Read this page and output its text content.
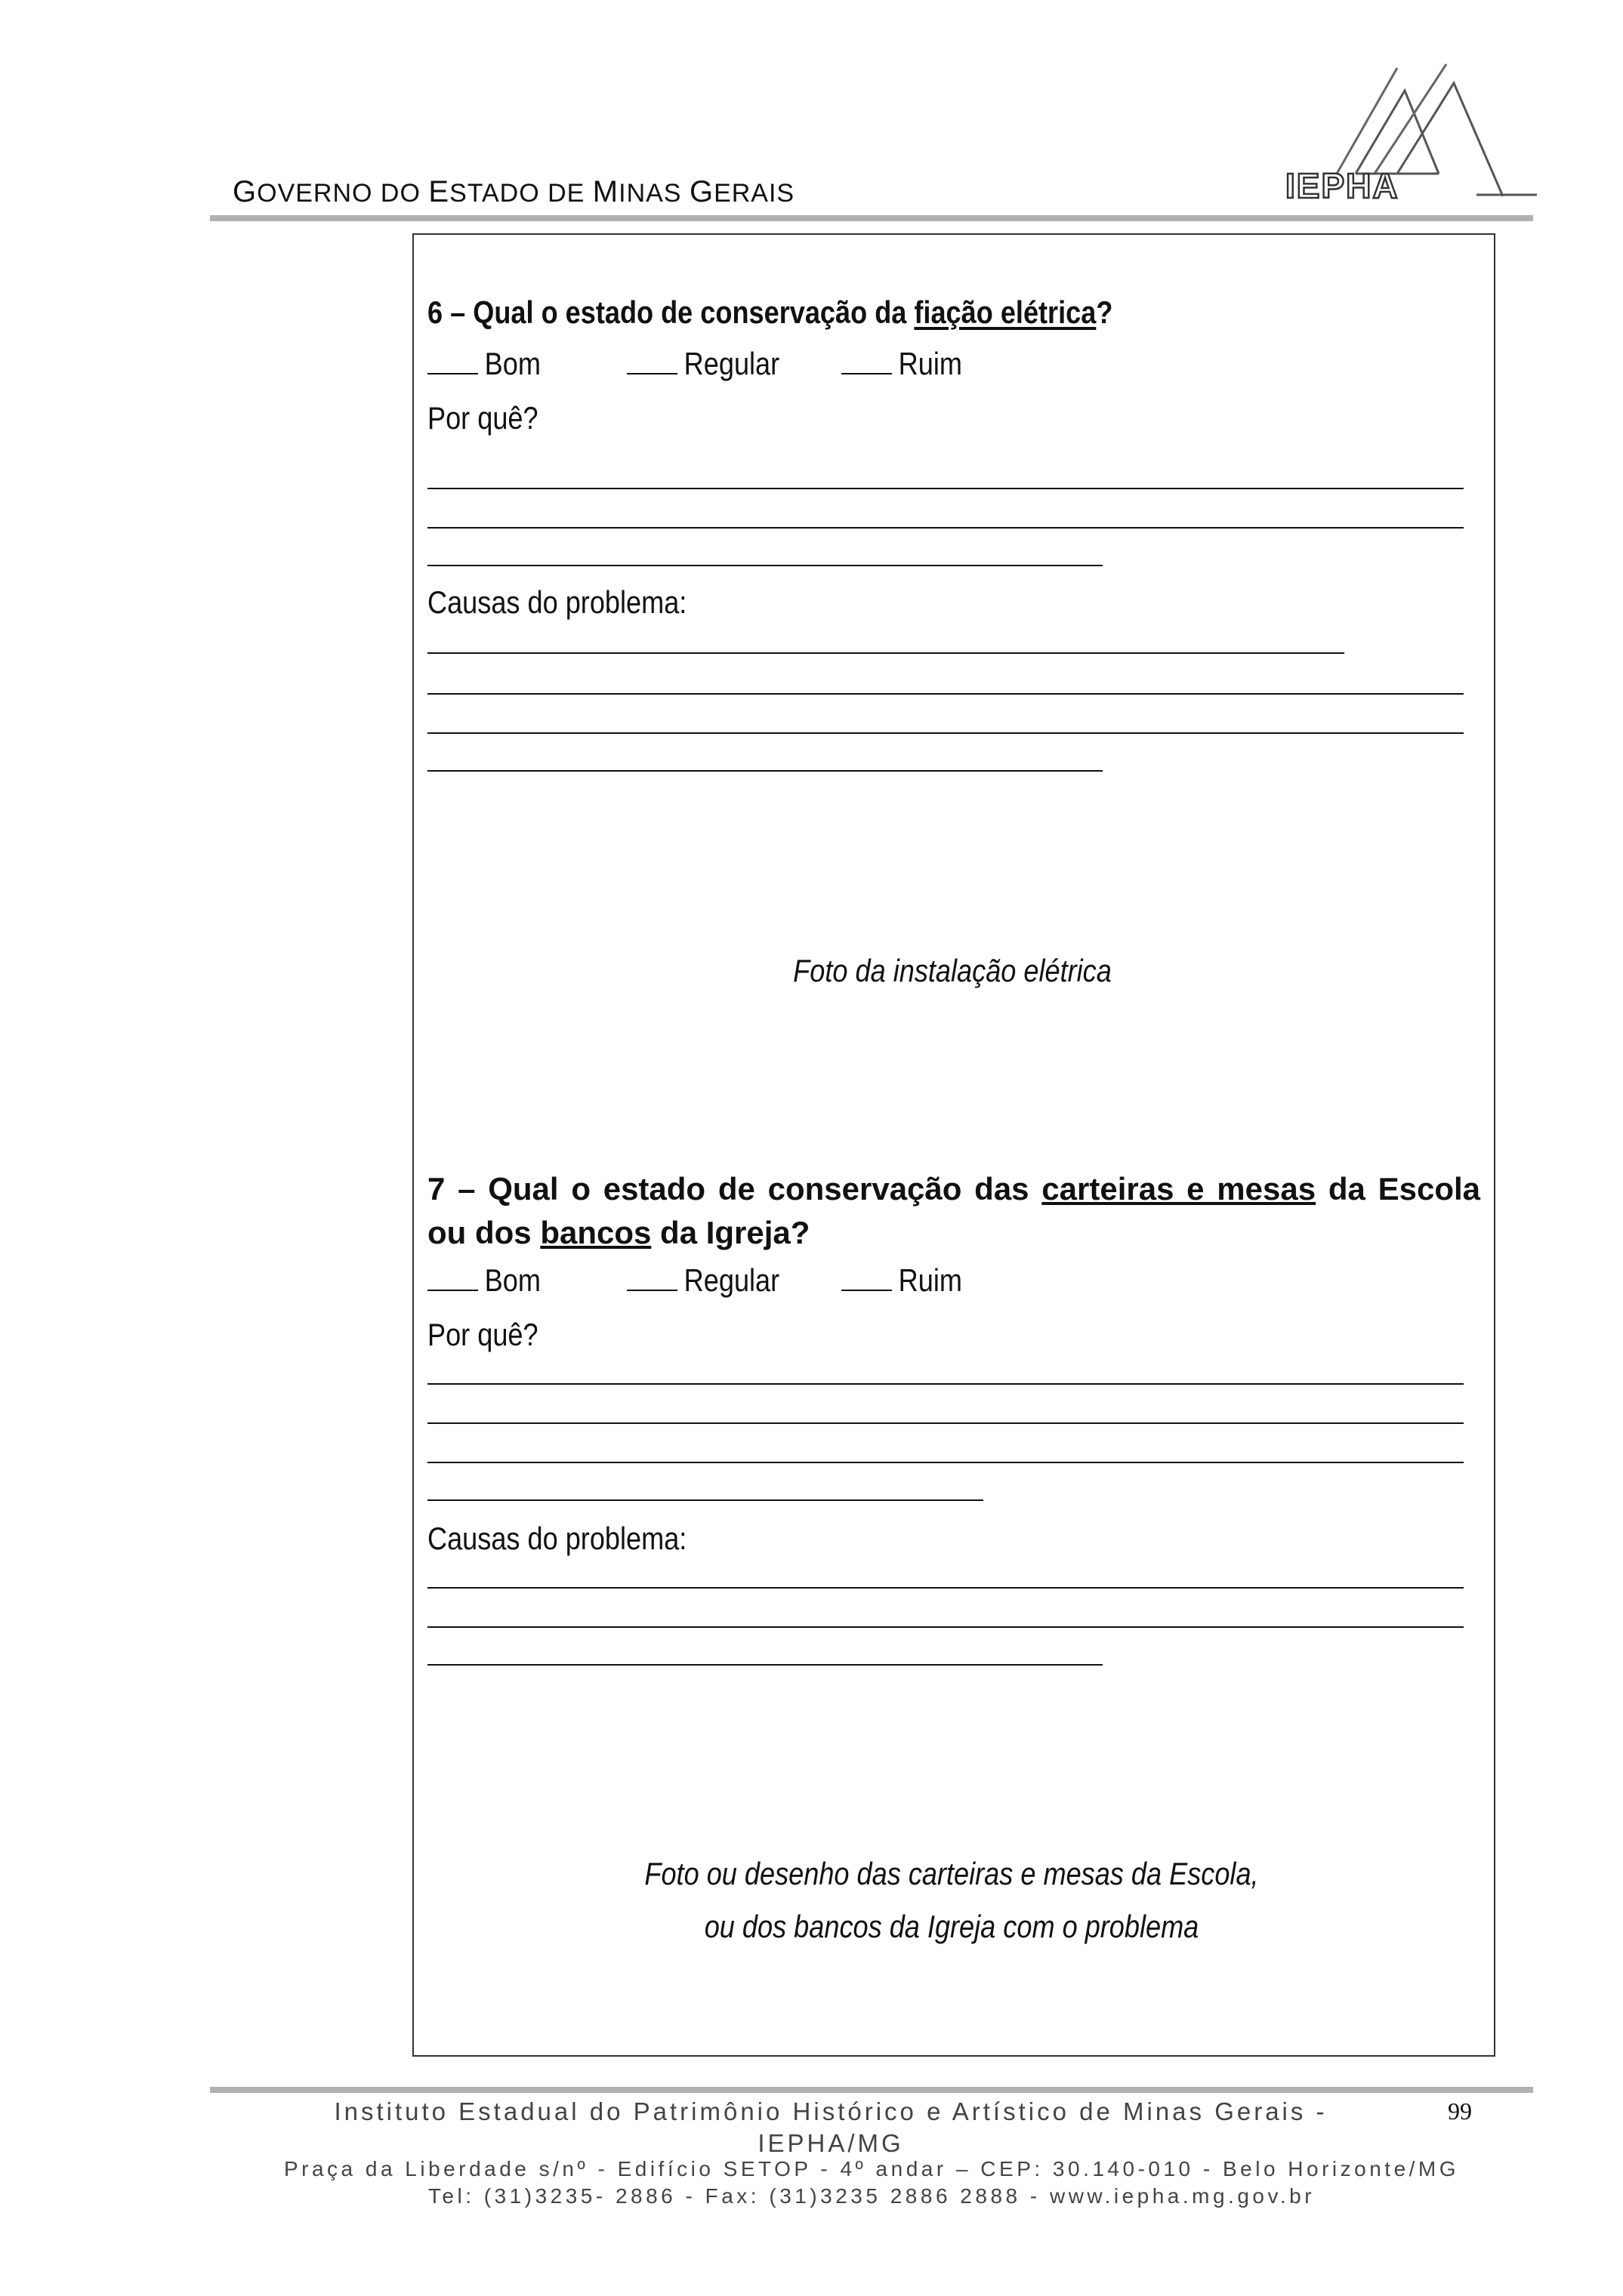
GOVERNO DO ESTADO DE MINAS GERAIS	IEPHA
6 – Qual o estado de conservação da fiação elétrica?
Bom	Regular	Ruim
Por quê?
Causas do problema:
Foto da instalação elétrica
7 – Qual o estado de conservação das carteiras e mesas da Escola ou dos bancos da Igreja?
Bom	Regular	Ruim
Por quê?
Causas do problema:
Foto ou desenho das carteiras e mesas da Escola,
ou dos bancos da Igreja com o problema
Instituto Estadual do Patrimônio Histórico e Artístico de Minas Gerais - IEPHA/MG
99
Praça da Liberdade s/nº - Edifício SETOP - 4º andar – CEP: 30.140-010 - Belo Horizonte/MG
Tel: (31)3235- 2886 - Fax: (31)3235 2886 2888 - www.iepha.mg.gov.br
